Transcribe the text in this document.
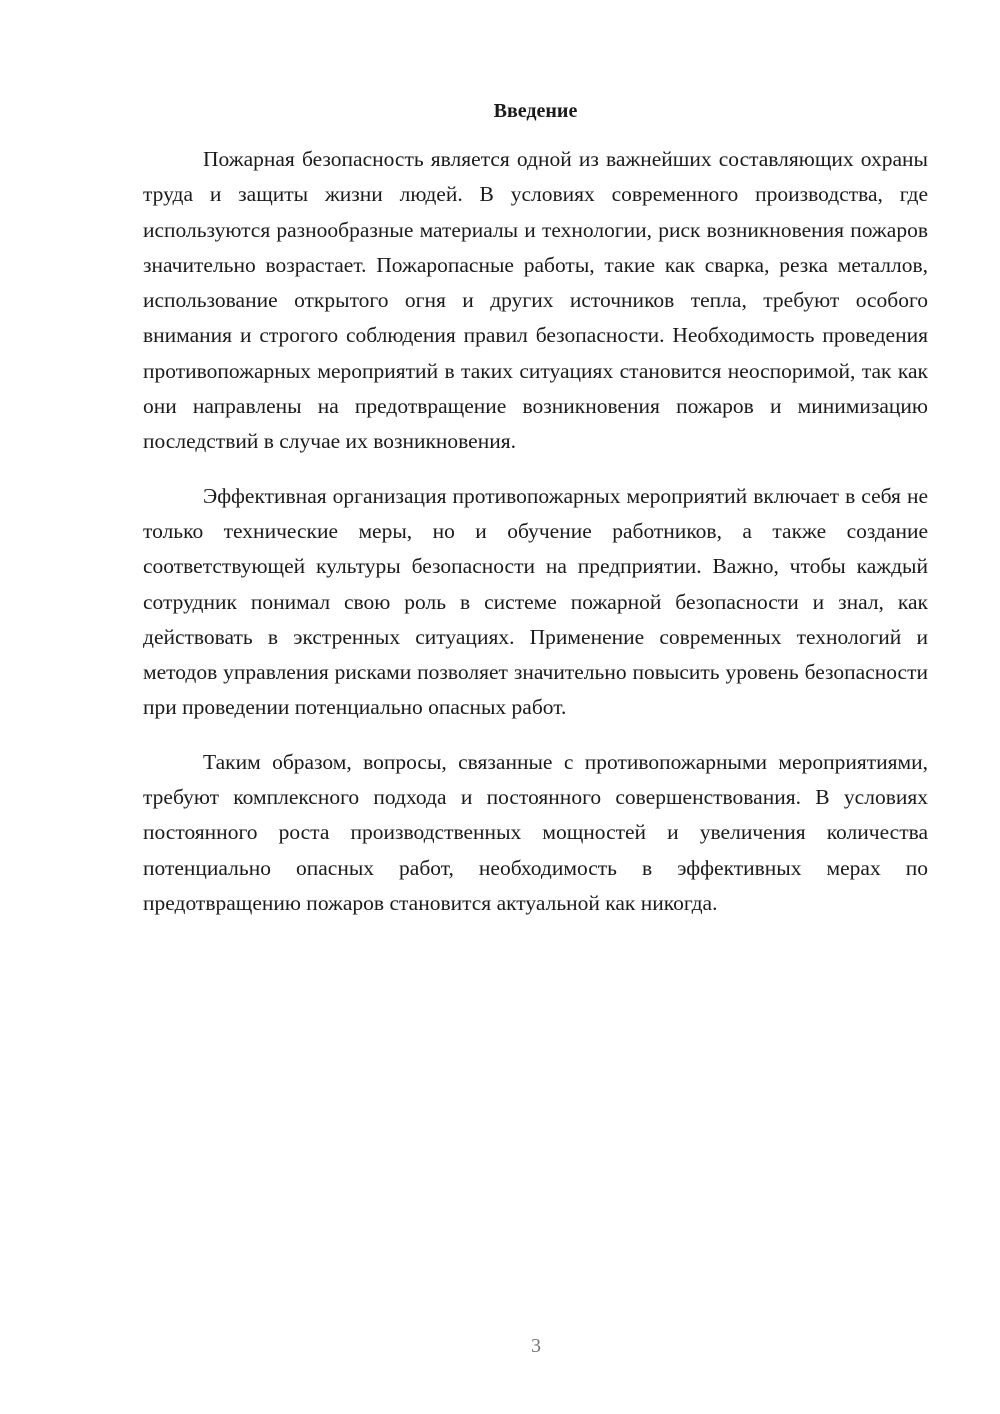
Введение

Пожарная безопасность является одной из важнейших составляющих охраны труда и защиты жизни людей. В условиях современного производства, где используются разнообразные материалы и технологии, риск возникновения пожаров значительно возрастает. Пожаропасные работы, такие как сварка, резка металлов, использование открытого огня и других источников тепла, требуют особого внимания и строгого соблюдения правил безопасности. Необходимость проведения противопожарных мероприятий в таких ситуациях становится неоспоримой, так как они направлены на предотвращение возникновения пожаров и минимизацию последствий в случае их возникновения.

Эффективная организация противопожарных мероприятий включает в себя не только технические меры, но и обучение работников, а также создание соответствующей культуры безопасности на предприятии. Важно, чтобы каждый сотрудник понимал свою роль в системе пожарной безопасности и знал, как действовать в экстренных ситуациях. Применение современных технологий и методов управления рисками позволяет значительно повысить уровень безопасности при проведении потенциально опасных работ.

Таким образом, вопросы, связанные с противопожарными мероприятиями, требуют комплексного подхода и постоянного совершенствования. В условиях постоянного роста производственных мощностей и увеличения количества потенциально опасных работ, необходимость в эффективных мерах по предотвращению пожаров становится актуальной как никогда.

3
